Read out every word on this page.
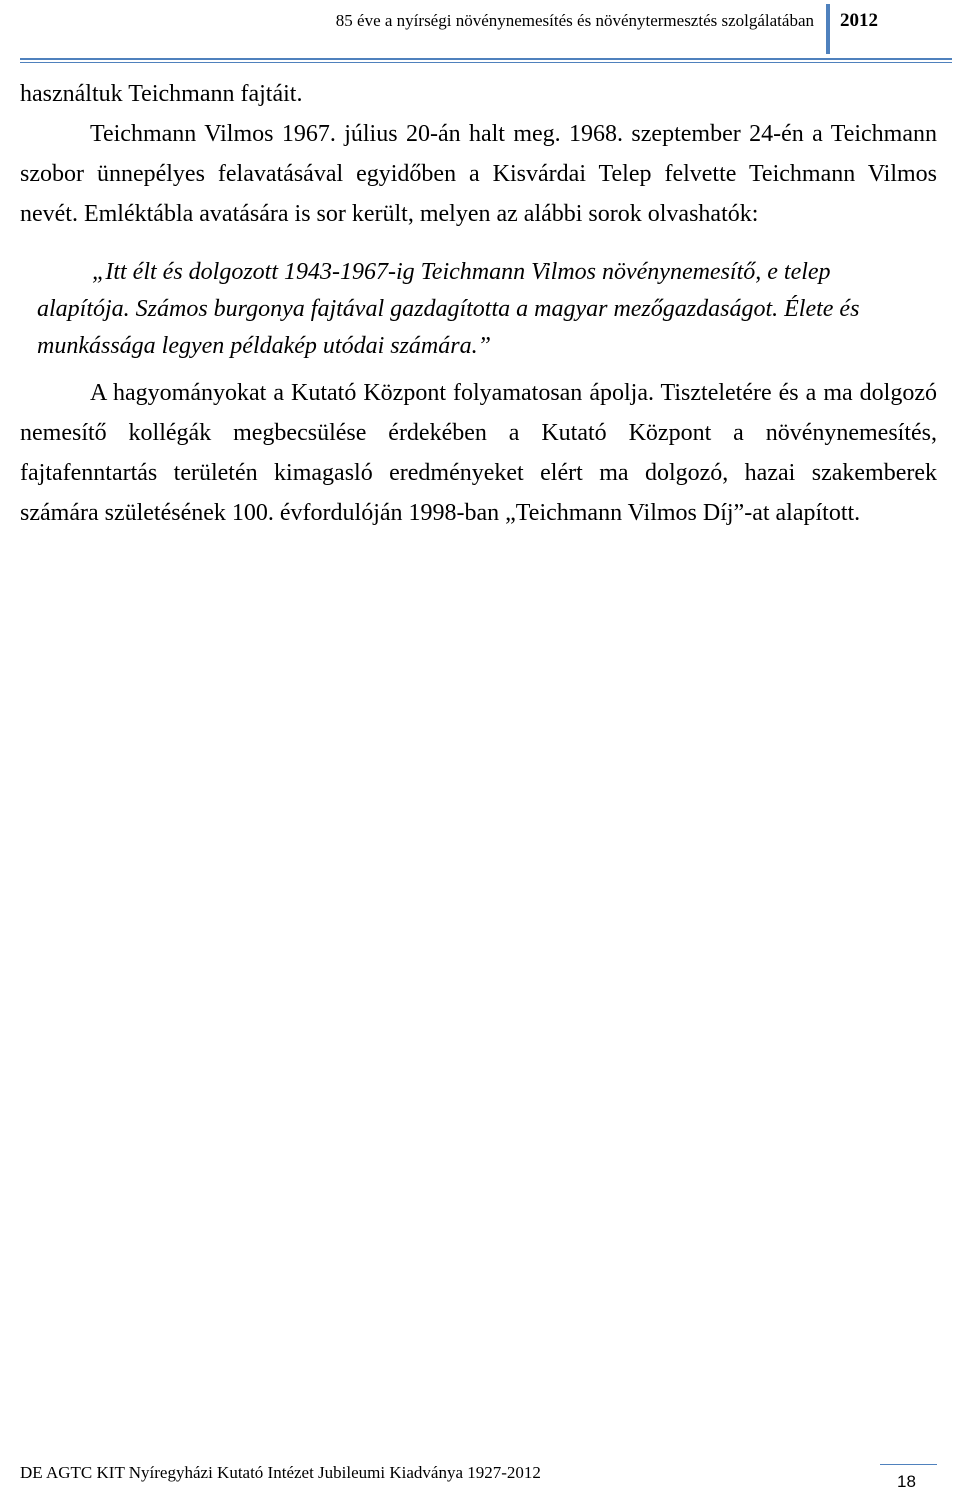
85 éve a nyírségi növénynemesítés és növénytermesztés szolgálatában 2012

használtuk Teichmann fajtáit.

Teichmann Vilmos 1967. július 20-án halt meg. 1968. szeptember 24-én a Teichmann szobor ünnepélyes felavatásával egyidőben a Kisvárdai Telep felvette Teichmann Vilmos nevét. Emléktábla avatására is sor került, melyen az alábbi sorok olvashatók:

„Itt élt és dolgozott 1943-1967-ig Teichmann Vilmos növénynemesítő, e telep alapítója. Számos burgonya fajtával gazdagította a magyar mezőgazdaságot. Élete és munkássága legyen példakép utódai számára.”

A hagyományokat a Kutató Központ folyamatosan ápolja. Tiszteletére és a ma dolgozó nemesítő kollégák megbecsülése érdekében a Kutató Központ a növénynemesítés, fajtafenntartás területén kimagasló eredményeket elért ma dolgozó, hazai szakemberek számára születésének 100. évfordulóján 1998-ban „Teichmann Vilmos Díj”-at alapított.

DE AGTC KIT Nyíregyházi Kutató Intézet Jubileumi Kiadványa 1927-2012	18
